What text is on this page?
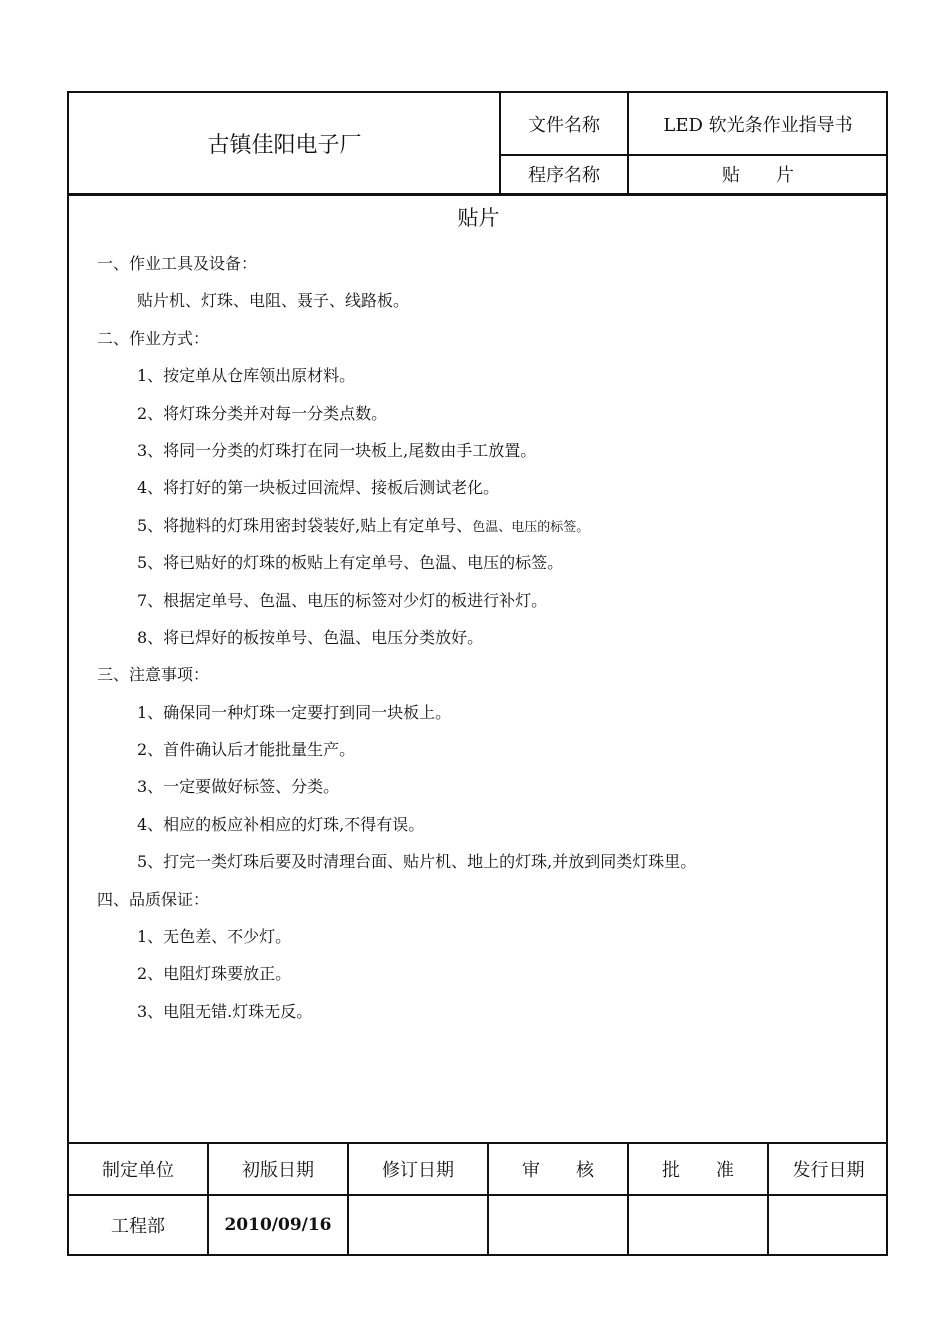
古镇佳阳电子厂
文件名称	LED 软光条作业指导书
程序名称	贴　　片
贴片
一、作业工具及设备：
贴片机、灯珠、电阻、聂子、线路板。
二、作业方式：
1、按定单从仓库领出原材料。
2、将灯珠分类并对每一分类点数。
3、将同一分类的灯珠打在同一块板上,尾数由手工放置。
4、将打好的第一块板过回流焊、接板后测试老化。
5、将抛料的灯珠用密封袋装好,贴上有定单号、色温、电压的标签。
5、将已贴好的灯珠的板贴上有定单号、色温、电压的标签。
7、根据定单号、色温、电压的标签对少灯的板进行补灯。
8、将已焊好的板按单号、色温、电压分类放好。
三、注意事项：
1、确保同一种灯珠一定要打到同一块板上。
2、首件确认后才能批量生产。
3、一定要做好标签、分类。
4、相应的板应补相应的灯珠,不得有误。
5、打完一类灯珠后要及时清理台面、贴片机、地上的灯珠,并放到同类灯珠里。
四、品质保证：
1、无色差、不少灯。
2、电阻灯珠要放正。
3、电阻无错.灯珠无反。
制定单位	初版日期	修订日期	审　　核	批　　准	发行日期
工程部	2010/09/16
